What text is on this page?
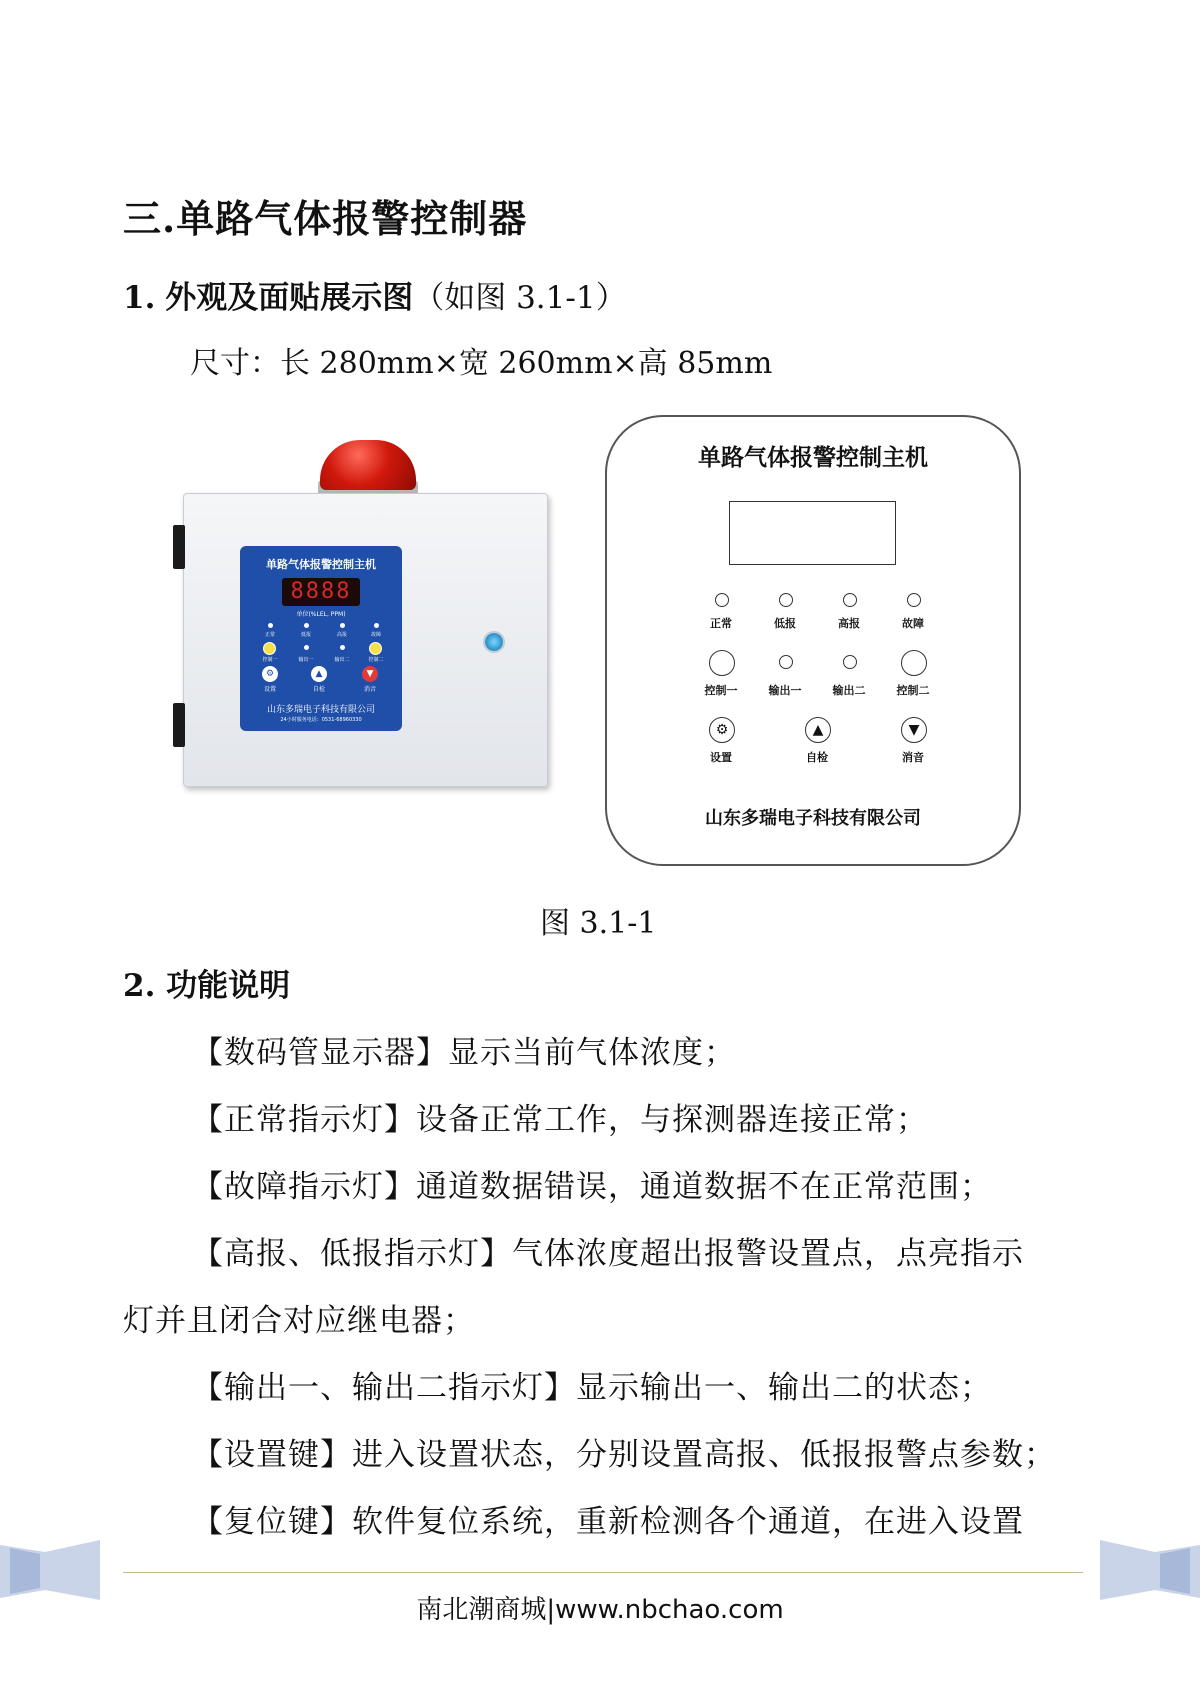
三.单路气体报警控制器
1. 外观及面贴展示图（如图 3.1-1）
尺寸：长 280mm×宽 260mm×高 85mm
单路气体报警控制主机
8888
单位(%LEL, PPM)
正常	低报	高报	故障
控制一	输出一	输出二	控制二
⚙	▲	▼
设置	自检	消音
山东多瑞电子科技有限公司
24小时服务电话：0531-68960330
单路气体报警控制主机
正常	低报	高报	故障
控制一	输出一	输出二	控制二
⚙	▲	▼
设置	自检	消音
山东多瑞电子科技有限公司
图 3.1-1
2. 功能说明
【数码管显示器】显示当前气体浓度；
【正常指示灯】设备正常工作，与探测器连接正常；
【故障指示灯】通道数据错误，通道数据不在正常范围；
【高报、低报指示灯】气体浓度超出报警设置点，点亮指示
灯并且闭合对应继电器；
【输出一、输出二指示灯】显示输出一、输出二的状态；
【设置键】进入设置状态，分别设置高报、低报报警点参数；
【复位键】软件复位系统，重新检测各个通道，在进入设置
南北潮商城|www.nbchao.com
